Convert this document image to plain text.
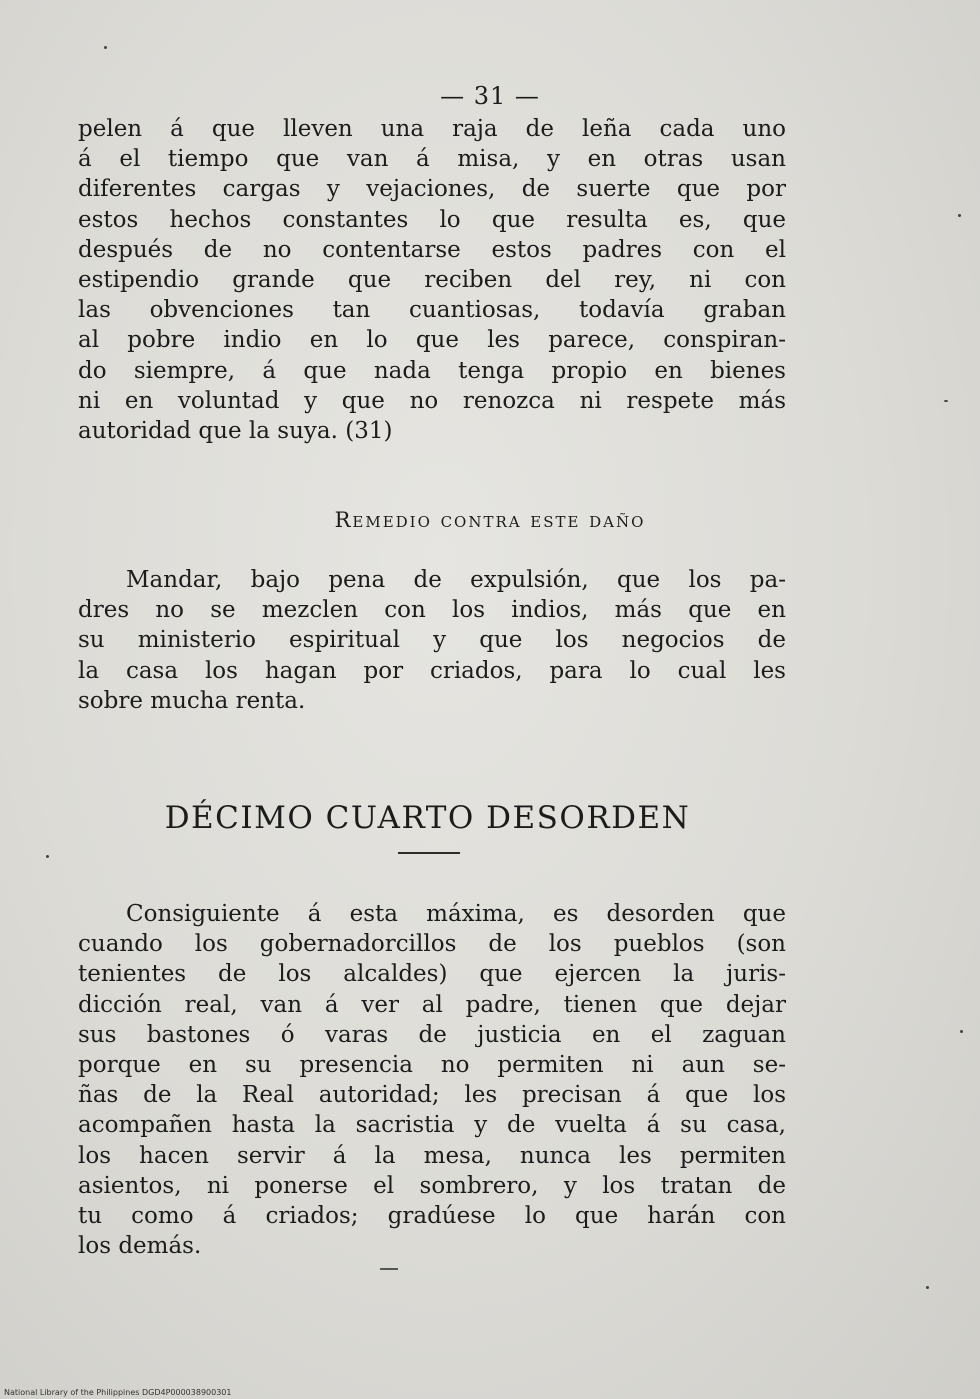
— 31 —
pelen á que lleven una raja de leña cada uno
á el tiempo que van á misa, y en otras usan
diferentes cargas y vejaciones, de suerte que por
estos hechos constantes lo que resulta es, que
después de no contentarse estos padres con el
estipendio grande que reciben del rey, ni con
las obvenciones tan cuantiosas, todavía graban
al pobre indio en lo que les parece, conspiran-
do siempre, á que nada tenga propio en bienes
ni en voluntad y que no renozca ni respete más
autoridad que la suya. (31)
Remedio contra este daño
Mandar, bajo pena de expulsión, que los pa-
dres no se mezclen con los indios, más que en
su ministerio espiritual y que los negocios de
la casa los hagan por criados, para lo cual les
sobre mucha renta.
DÉCIMO CUARTO DESORDEN
Consiguiente á esta máxima, es desorden que
cuando los gobernadorcillos de los pueblos (son
tenientes de los alcaldes) que ejercen la juris-
dicción real, van á ver al padre, tienen que dejar
sus bastones ó varas de justicia en el zaguan
porque en su presencia no permiten ni aun se-
ñas de la Real autoridad; les precisan á que los
acompañen hasta la sacristia y de vuelta á su casa,
los hacen servir á la mesa, nunca les permiten
asientos, ni ponerse el sombrero, y los tratan de
tu como á criados; gradúese lo que harán con
los demás.
National Library of the Philippines DGD4P000038900301
